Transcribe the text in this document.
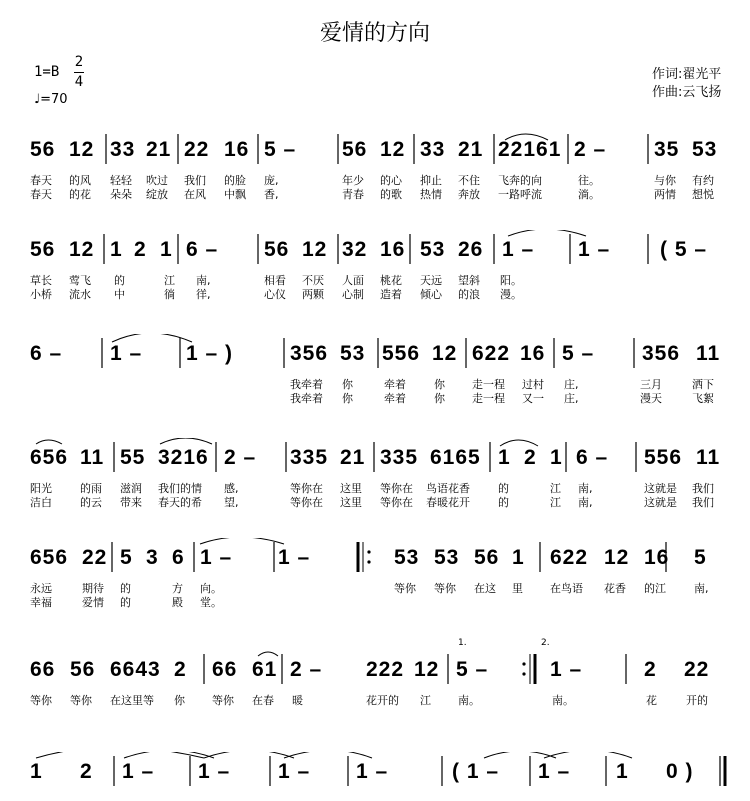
爱情的方向
1=B
2
4
♩=70
作词:翟光平
作曲:云飞扬
56 12 33 21 22 16 5 – 56 12 33 21 22161 2 – 35 53
春天 的风 轻轻 吹过 我们 的脸 庞,	年少 的心 抑止 不住 飞奔的向	往。	与你 有约
春天 的花 朵朵 绽放 在风 中飘 香,	青春 的歌 热情 奔放 一路呼流	淌。	两情 想悦
56 12 1 2 1 6 – 56 12 32 16 53 26 1 – 1 – ( 5 –
草长 莺飞 的	江 南,	相看 不厌 人面 桃花 天远 望斜 阳。
小桥 流水 中	徜 徉,	心仪 两颗 心制 造着 倾心 的浪 漫。
6 – 1 – 1 – )	356 53 556 12 622 16 5 – 356 11
我牵着 你	牵着	你 走一程 过村 庄,	三月	洒下
我牵着 你	牵着	你 走一程 又一 庄,	漫天	飞絮
656 11 55 3216 2 – 335 21 335 6165 1 2 1 6 – 556 11
阳光	的雨 滋润 我们的情 感,	等你在 这里 等你在 鸟语花香	的	江 南,	这就是 我们
洁白	的云 带来 春天的希 望,	等你在 这里 等你在 春暖花开	的	江 南,	这就是 我们
656 22 5 3 6 1 – 1 –	53 53 56 1 622 12 16 5
永远	期待 的	方 向。	等你 等你 在这 里 在鸟语 花香 的江	南,
幸福	爱情 的	殿 堂。
1.	2.
66 56 6643 2 66 61 2 – 222 12 5 –	1 –	2 22
等你 等你 在这里等 你 等你 在春 暖	花开的 江 南。	南。	花	开的
1 2 1 – 1 – 1 – 1 –	( 1 – 1 – 1 0 )
